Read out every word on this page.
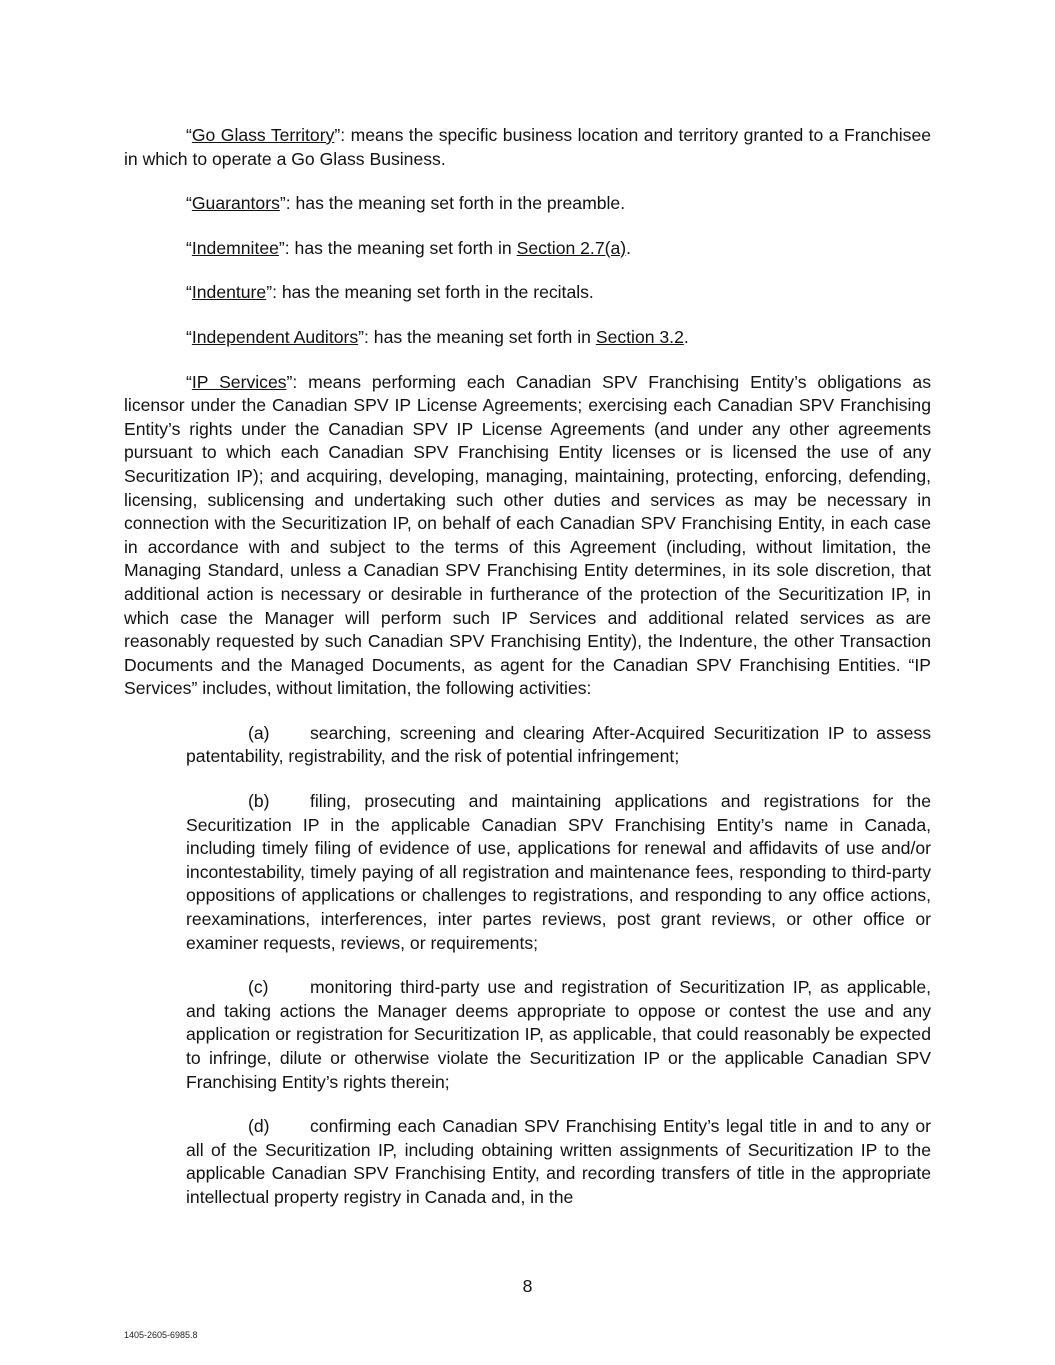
“Go Glass Territory”: means the specific business location and territory granted to a Franchisee in which to operate a Go Glass Business.

“Guarantors”: has the meaning set forth in the preamble.

“Indemnitee”: has the meaning set forth in Section 2.7(a).

“Indenture”: has the meaning set forth in the recitals.

“Independent Auditors”: has the meaning set forth in Section 3.2.

“IP Services”: means performing each Canadian SPV Franchising Entity’s obligations as licensor under the Canadian SPV IP License Agreements; exercising each Canadian SPV Franchising Entity’s rights under the Canadian SPV IP License Agreements (and under any other agreements pursuant to which each Canadian SPV Franchising Entity licenses or is licensed the use of any Securitization IP); and acquiring, developing, managing, maintaining, protecting, enforcing, defending, licensing, sublicensing and undertaking such other duties and services as may be necessary in connection with the Securitization IP, on behalf of each Canadian SPV Franchising Entity, in each case in accordance with and subject to the terms of this Agreement (including, without limitation, the Managing Standard, unless a Canadian SPV Franchising Entity determines, in its sole discretion, that additional action is necessary or desirable in furtherance of the protection of the Securitization IP, in which case the Manager will perform such IP Services and additional related services as are reasonably requested by such Canadian SPV Franchising Entity), the Indenture, the other Transaction Documents and the Managed Documents, as agent for the Canadian SPV Franchising Entities. “IP Services” includes, without limitation, the following activities:

(a) searching, screening and clearing After-Acquired Securitization IP to assess patentability, registrability, and the risk of potential infringement;

(b) filing, prosecuting and maintaining applications and registrations for the Securitization IP in the applicable Canadian SPV Franchising Entity’s name in Canada, including timely filing of evidence of use, applications for renewal and affidavits of use and/or incontestability, timely paying of all registration and maintenance fees, responding to third-party oppositions of applications or challenges to registrations, and responding to any office actions, reexaminations, interferences, inter partes reviews, post grant reviews, or other office or examiner requests, reviews, or requirements;

(c) monitoring third-party use and registration of Securitization IP, as applicable, and taking actions the Manager deems appropriate to oppose or contest the use and any application or registration for Securitization IP, as applicable, that could reasonably be expected to infringe, dilute or otherwise violate the Securitization IP or the applicable Canadian SPV Franchising Entity’s rights therein;

(d) confirming each Canadian SPV Franchising Entity’s legal title in and to any or all of the Securitization IP, including obtaining written assignments of Securitization IP to the applicable Canadian SPV Franchising Entity, and recording transfers of title in the appropriate intellectual property registry in Canada and, in the

8
1405-2605-6985.8
